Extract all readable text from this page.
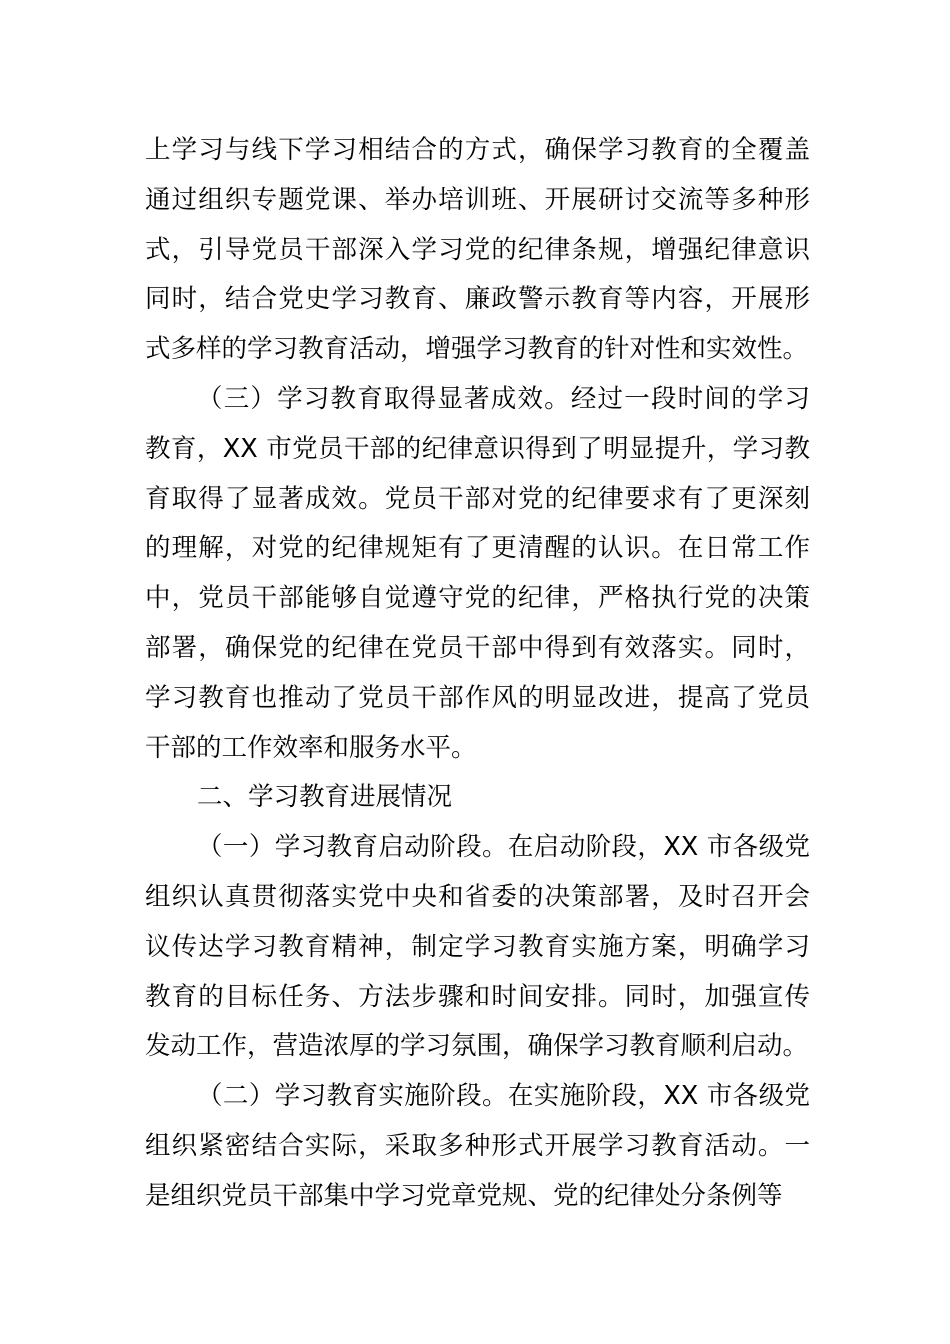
上学习与线下学习相结合的方式，确保学习教育的全覆盖
通过组织专题党课、举办培训班、开展研讨交流等多种形
式，引导党员干部深入学习党的纪律条规，增强纪律意识
同时，结合党史学习教育、廉政警示教育等内容，开展形
式多样的学习教育活动，增强学习教育的针对性和实效性。
（三）学习教育取得显著成效。经过一段时间的学习
教育，XX 市党员干部的纪律意识得到了明显提升，学习教
育取得了显著成效。党员干部对党的纪律要求有了更深刻
的理解，对党的纪律规矩有了更清醒的认识。在日常工作
中，党员干部能够自觉遵守党的纪律，严格执行党的决策
部署，确保党的纪律在党员干部中得到有效落实。同时，
学习教育也推动了党员干部作风的明显改进，提高了党员
干部的工作效率和服务水平。
二、学习教育进展情况
（一）学习教育启动阶段。在启动阶段，XX 市各级党
组织认真贯彻落实党中央和省委的决策部署，及时召开会
议传达学习教育精神，制定学习教育实施方案，明确学习
教育的目标任务、方法步骤和时间安排。同时，加强宣传
发动工作，营造浓厚的学习氛围，确保学习教育顺利启动。
（二）学习教育实施阶段。在实施阶段，XX 市各级党
组织紧密结合实际，采取多种形式开展学习教育活动。一
是组织党员干部集中学习党章党规、党的纪律处分条例等
